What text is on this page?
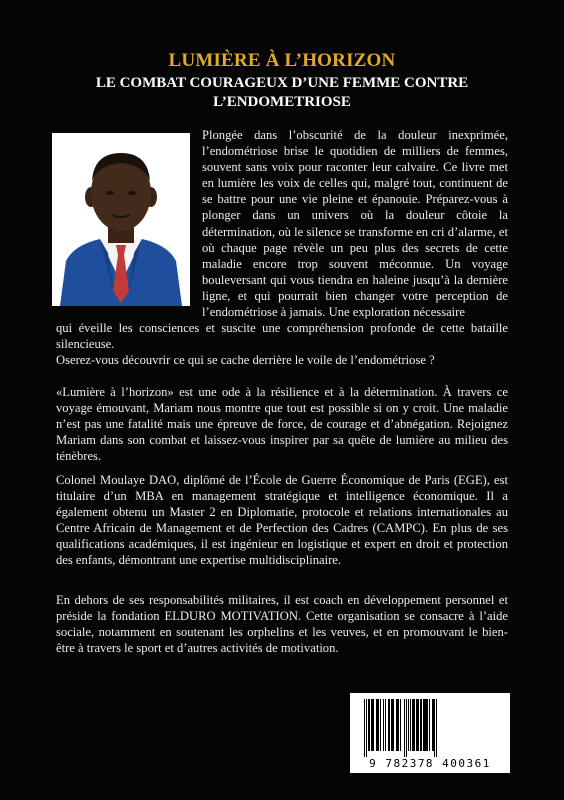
LUMIÈRE À L’HORIZON
LE COMBAT COURAGEUX D’UNE FEMME CONTRE L’ENDOMETRIOSE

Plongée dans l’obscurité de la douleur inexprimée, l’endométriose brise le quotidien de milliers de femmes, souvent sans voix pour raconter leur calvaire. Ce livre met en lumière les voix de celles qui, malgré tout, continuent de se battre pour une vie pleine et épanouie. Préparez-vous à plonger dans un univers où la douleur côtoie la détermination, où le silence se transforme en cri d’alarme, et où chaque page révèle un peu plus des secrets de cette maladie encore trop souvent méconnue. Un voyage bouleversant qui vous tiendra en haleine jusqu’à la dernière ligne, et qui pourrait bien changer votre perception de l’endométriose à jamais. Une exploration nécessaire

qui éveille les consciences et suscite une compréhension profonde de cette bataille silencieuse.

Oserez-vous découvrir ce qui se cache derrière le voile de l’endométriose ?

«Lumière à l’horizon» est une ode à la résilience et à la détermination. À travers ce voyage émouvant, Mariam nous montre que tout est possible si on y croit. Une maladie n’est pas une fatalité mais une épreuve de force, de courage et d’abnégation. Rejoignez Mariam dans son combat et laissez-vous inspirer par sa quête de lumière au milieu des ténèbres.

Colonel Moulaye DAO, diplômé de l’École de Guerre Économique de Paris (EGE), est titulaire d’un MBA en management stratégique et intelligence économique. Il a également obtenu un Master 2 en Diplomatie, protocole et relations internationales au Centre Africain de Management et de Perfection des Cadres (CAMPC). En plus de ses qualifications académiques, il est ingénieur en logistique et expert en droit et protection des enfants, démontrant une expertise multidisciplinaire.

En dehors de ses responsabilités militaires, il est coach en développement personnel et préside la fondation ELDURO MOTIVATION. Cette organisation se consacre à l’aide sociale, notamment en soutenant les orphelins et les veuves, et en promouvant le bien-être à travers le sport et d’autres activités de motivation.

9 782378 400361
